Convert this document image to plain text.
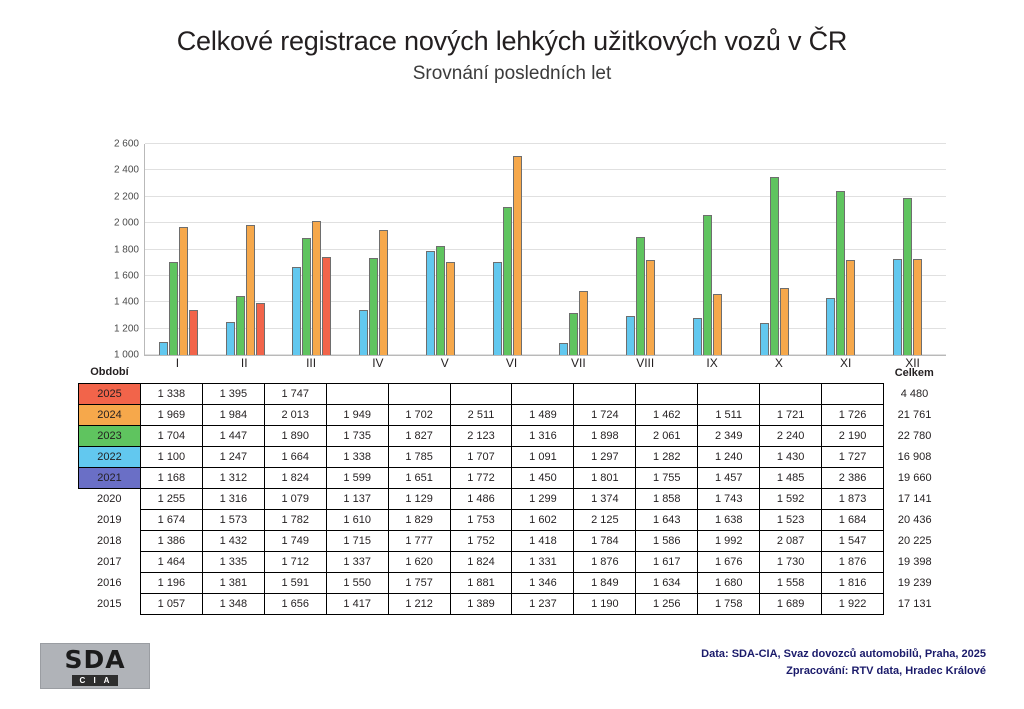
Celkové registrace nových lehkých užitkových vozů v ČR
Srovnání posledních let
1 000
1 200
1 400
1 600
1 800
2 000
2 200
2 400
2 600
I	II	III	IV	V	VI	VII	VIII	IX	X	XI	XII
Období													Celkem
2025	1 338	1 395	1 747										4 480
2024	1 969	1 984	2 013	1 949	1 702	2 511	1 489	1 724	1 462	1 511	1 721	1 726	21 761
2023	1 704	1 447	1 890	1 735	1 827	2 123	1 316	1 898	2 061	2 349	2 240	2 190	22 780
2022	1 100	1 247	1 664	1 338	1 785	1 707	1 091	1 297	1 282	1 240	1 430	1 727	16 908
2021	1 168	1 312	1 824	1 599	1 651	1 772	1 450	1 801	1 755	1 457	1 485	2 386	19 660
2020	1 255	1 316	1 079	1 137	1 129	1 486	1 299	1 374	1 858	1 743	1 592	1 873	17 141
2019	1 674	1 573	1 782	1 610	1 829	1 753	1 602	2 125	1 643	1 638	1 523	1 684	20 436
2018	1 386	1 432	1 749	1 715	1 777	1 752	1 418	1 784	1 586	1 992	2 087	1 547	20 225
2017	1 464	1 335	1 712	1 337	1 620	1 824	1 331	1 876	1 617	1 676	1 730	1 876	19 398
2016	1 196	1 381	1 591	1 550	1 757	1 881	1 346	1 849	1 634	1 680	1 558	1 816	19 239
2015	1 057	1 348	1 656	1 417	1 212	1 389	1 237	1 190	1 256	1 758	1 689	1 922	17 131
SDA
C I A
Data: SDA-CIA, Svaz dovozců automobilů, Praha, 2025
Zpracování: RTV data, Hradec Králové
